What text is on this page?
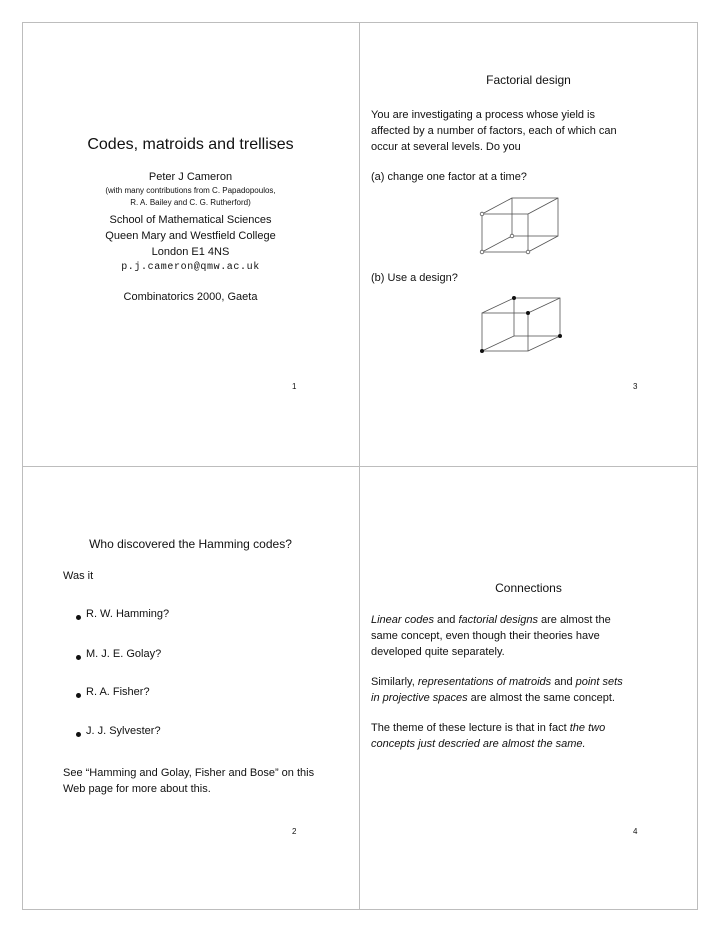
Codes, matroids and trellises
Peter J Cameron
(with many contributions from C. Papadopoulos,
R. A. Bailey and C. G. Rutherford)
School of Mathematical Sciences
Queen Mary and Westfield College
London E1 4NS
p.j.cameron@qmw.ac.uk
Combinatorics 2000, Gaeta
1
Factorial design
You are investigating a process whose yield is
affected by a number of factors, each of which can
occur at several levels. Do you
(a) change one factor at a time?
(b) Use a design?
3
Who discovered the Hamming codes?
Was it
R. W. Hamming?
M. J. E. Golay?
R. A. Fisher?
J. J. Sylvester?
See “Hamming and Golay, Fisher and Bose” on this
Web page for more about this.
2
Connections
Linear codes and factorial designs are almost the
same concept, even though their theories have
developed quite separately.
Similarly, representations of matroids and point sets
in projective spaces are almost the same concept.
The theme of these lecture is that in fact the two
concepts just descried are almost the same.
4
